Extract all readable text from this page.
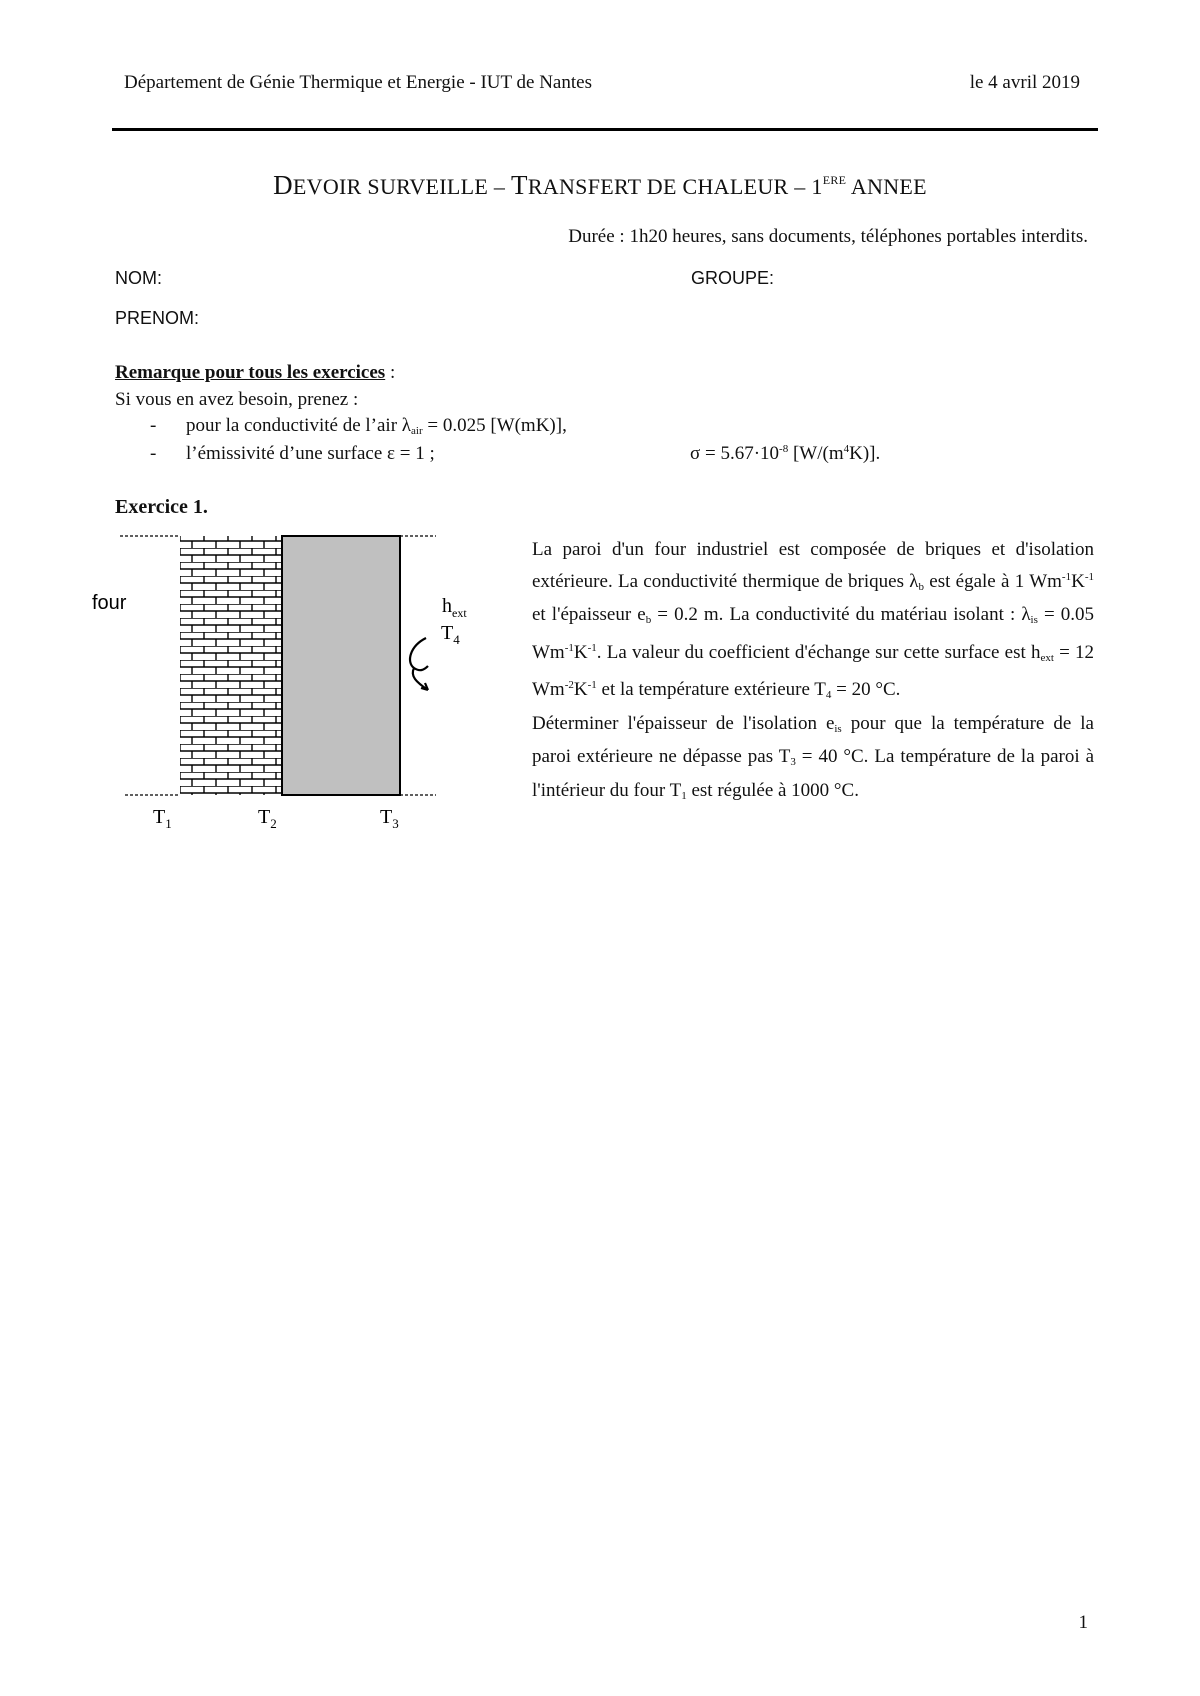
Département de Génie Thermique et Energie - IUT de Nantes	le 4 avril 2019
DEVOIR SURVEILLE – TRANSFERT DE CHALEUR – 1ERE ANNEE
Durée : 1h20 heures, sans documents, téléphones portables interdits.
NOM:	GROUPE:
PRENOM:
Remarque pour tous les exercices :
Si vous en avez besoin, prenez :
- pour la conductivité de l’air $\lambda_{air} = 0.025$ [W(mK)],
- l’émissivité d’une surface ε = 1 ;	$\sigma = 5.67\cdot 10^{-8}$ $[W/(m^4K)]$.
Exercice 1.
four	$h_{ext}$
$T_4$
$T_1$	$T_2$	$T_3$

La paroi d'un four industriel est composée de briques et d'isolation extérieure. La conductivité thermique de briques $\lambda_b$ est égale à 1 $Wm^{-1}K^{-1}$ et l'épaisseur $e_b = 0.2$ m. La conductivité du matériau isolant : $\lambda_{is} = 0.05$ $Wm^{-1}K^{-1}$. La valeur du coefficient d'échange sur cette surface est $h_{ext} = 12$ $Wm^{-2}K^{-1}$ et la température extérieure $T_4 = 20$ °C.

Déterminer l'épaisseur de l'isolation $e_{is}$ pour que la température de la paroi extérieure ne dépasse pas $T_3 = 40$ °C. La température de la paroi à l'intérieur du four $T_1$ est régulée à 1000 °C.

1
